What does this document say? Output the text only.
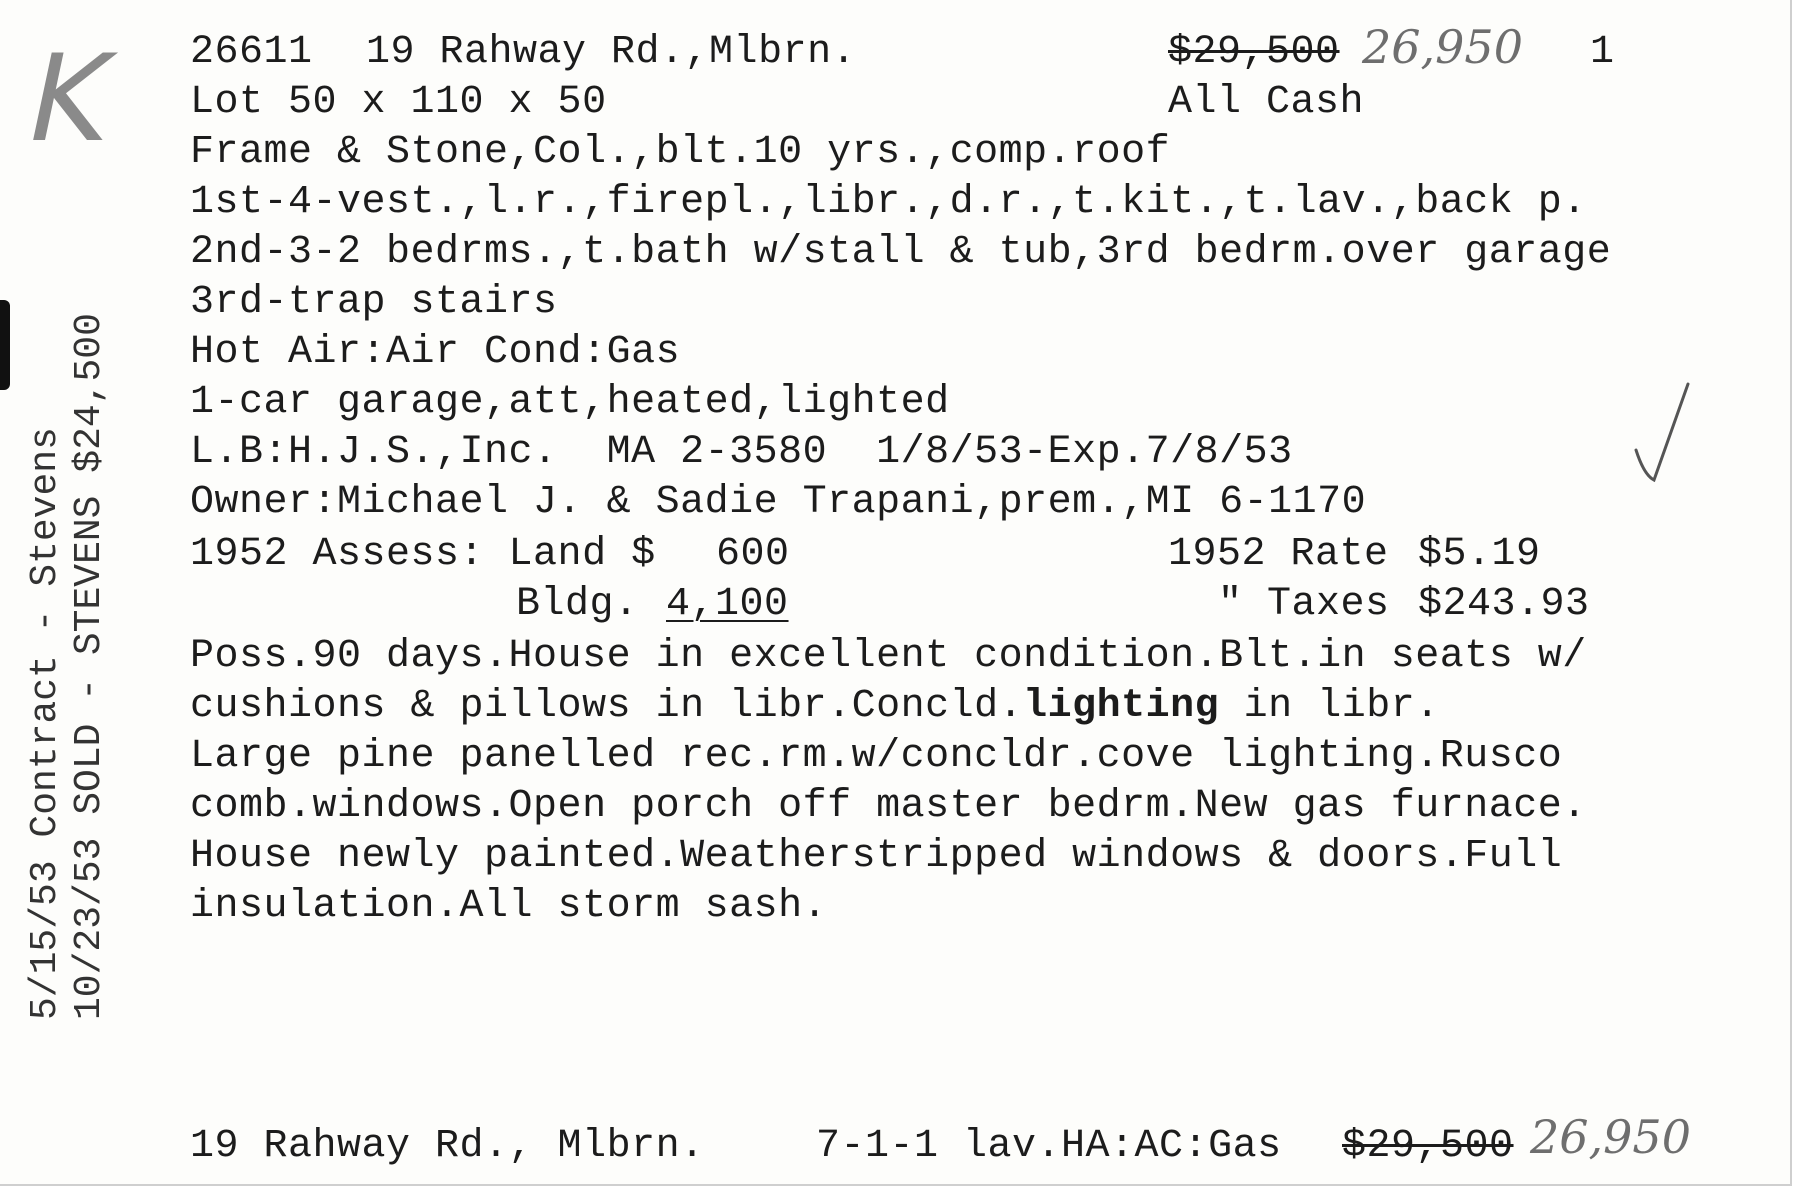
K
5/15/53 Contract - Stevens 10/23/53 SOLD - STEVENS $24,500
26611 19 Rahway Rd.,Mlbrn.	$29,500 26,950 1
Lot 50 x 110 x 50	All Cash
Frame & Stone,Col.,blt.10 yrs.,comp.roof
1st-4-vest.,l.r.,firepl.,libr.,d.r.,t.kit.,t.lav.,back p.
2nd-3-2 bedrms.,t.bath w/stall & tub,3rd bedrm.over garage
3rd-trap stairs
Hot Air:Air Cond:Gas
1-car garage,att,heated,lighted
L.B:H.J.S.,Inc.  MA 2-3580  1/8/53-Exp.7/8/53
Owner:Michael J. & Sadie Trapani,prem.,MI 6-1170
1952 Assess: Land $ 600	1952 Rate $5.19
Bldg. 4,100	" Taxes $243.93
Poss.90 days.House in excellent condition.Blt.in seats w/
cushions & pillows in libr.Concld.lighting in libr.
Large pine panelled rec.rm.w/concldr.cove lighting.Rusco
comb.windows.Open porch off master bedrm.New gas furnace.
House newly painted.Weatherstripped windows & doors.Full
insulation.All storm sash.
19 Rahway Rd., Mlbrn.	7-1-1 lav.HA:AC:Gas $29,500 26,950
